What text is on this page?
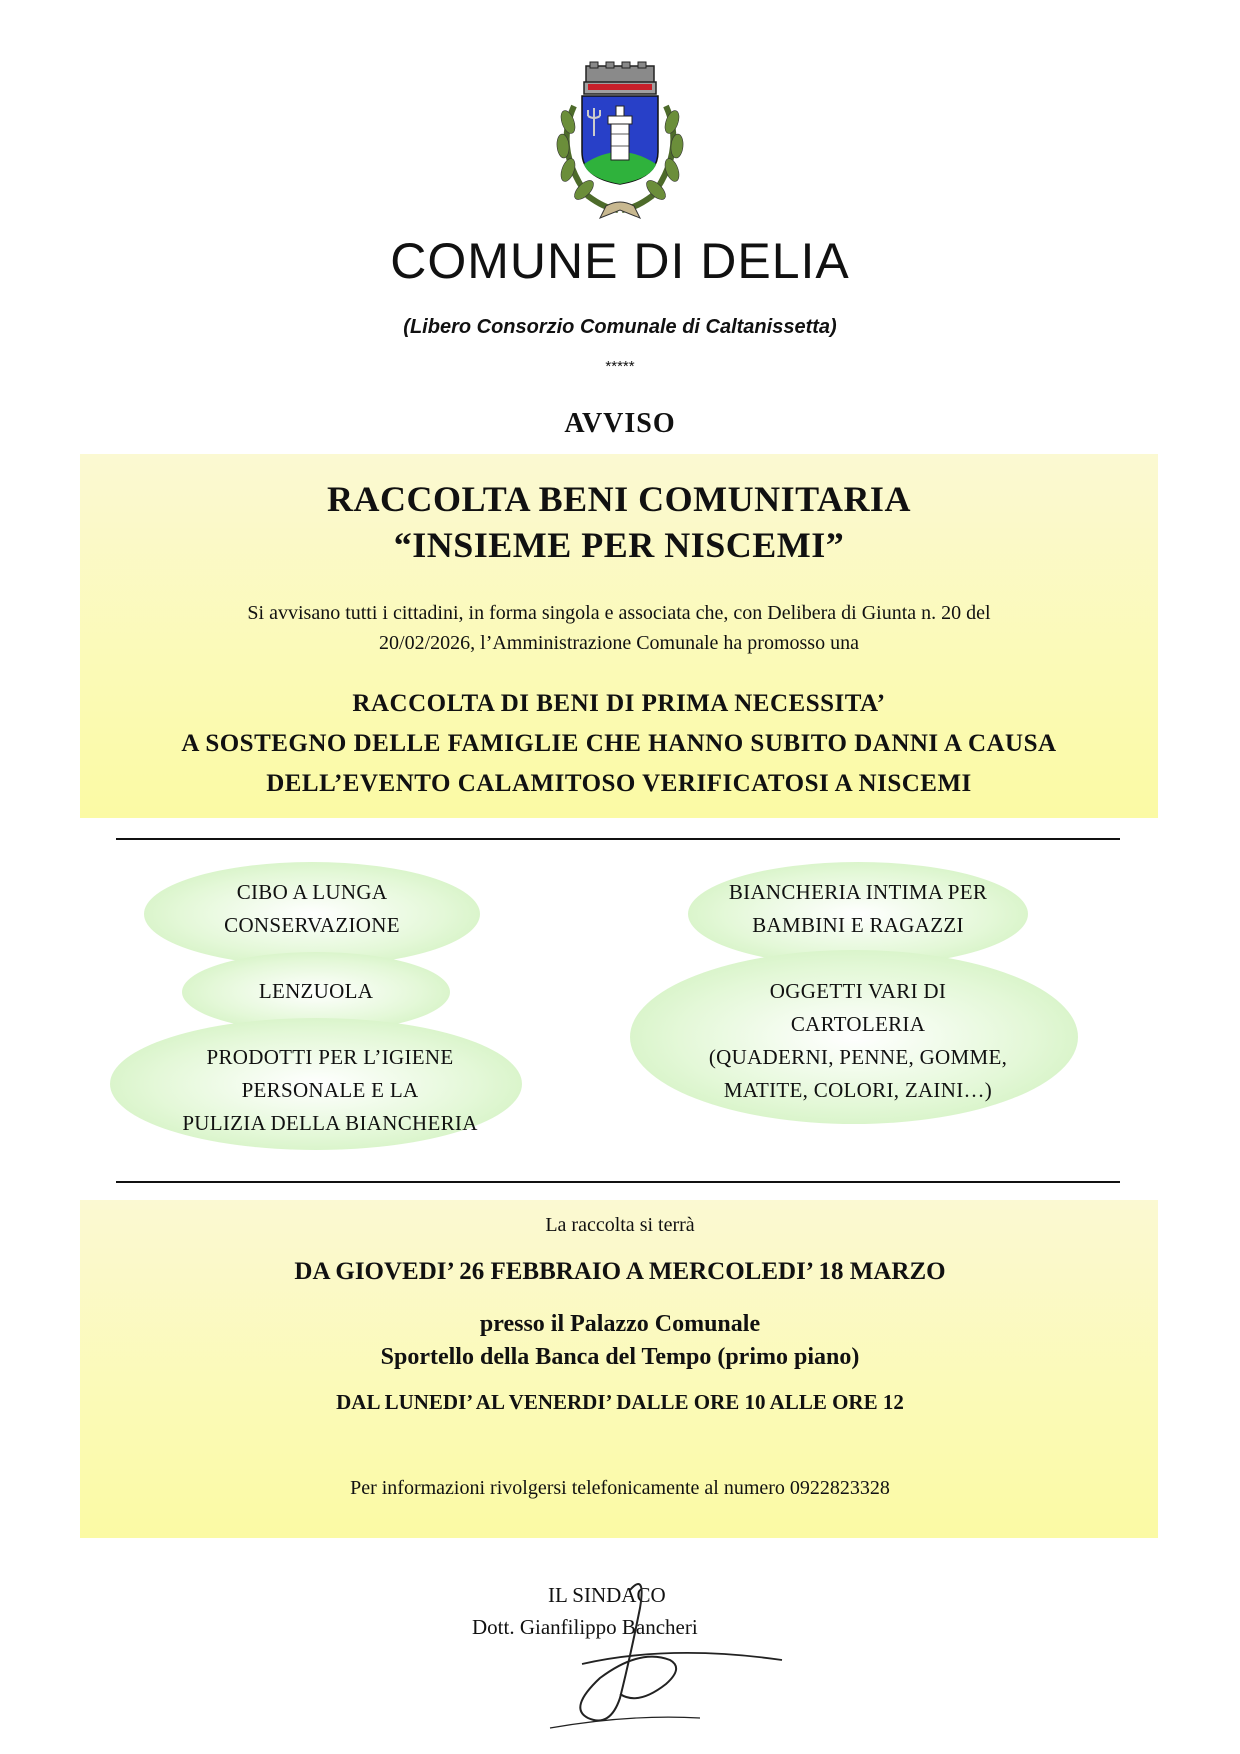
COMUNE DI DELIA
(Libero Consorzio Comunale di Caltanissetta)
*****
AVVISO
RACCOLTA BENI COMUNITARIA
“INSIEME PER NISCEMI”
Si avvisano tutti i cittadini, in forma singola e associata che, con Delibera di Giunta n. 20 del
20/02/2026, l’Amministrazione Comunale ha promosso una
RACCOLTA DI BENI DI PRIMA NECESSITA’
A SOSTEGNO DELLE FAMIGLIE CHE HANNO SUBITO DANNI A CAUSA
DELL’EVENTO CALAMITOSO VERIFICATOSI A NISCEMI
CIBO A LUNGA
CONSERVAZIONE
LENZUOLA
PRODOTTI PER L’IGIENE
PERSONALE E LA
PULIZIA DELLA BIANCHERIA
BIANCHERIA INTIMA PER
BAMBINI E RAGAZZI
OGGETTI VARI DI
CARTOLERIA
(QUADERNI, PENNE, GOMME,
MATITE, COLORI, ZAINI…)
La raccolta si terrà
DA GIOVEDI’ 26 FEBBRAIO A MERCOLEDI’ 18 MARZO
presso il Palazzo Comunale
Sportello della Banca del Tempo (primo piano)
DAL LUNEDI’ AL VENERDI’ DALLE ORE 10 ALLE ORE 12
Per informazioni rivolgersi telefonicamente al numero 0922823328
IL SINDACO
Dott. Gianfilippo Bancheri
